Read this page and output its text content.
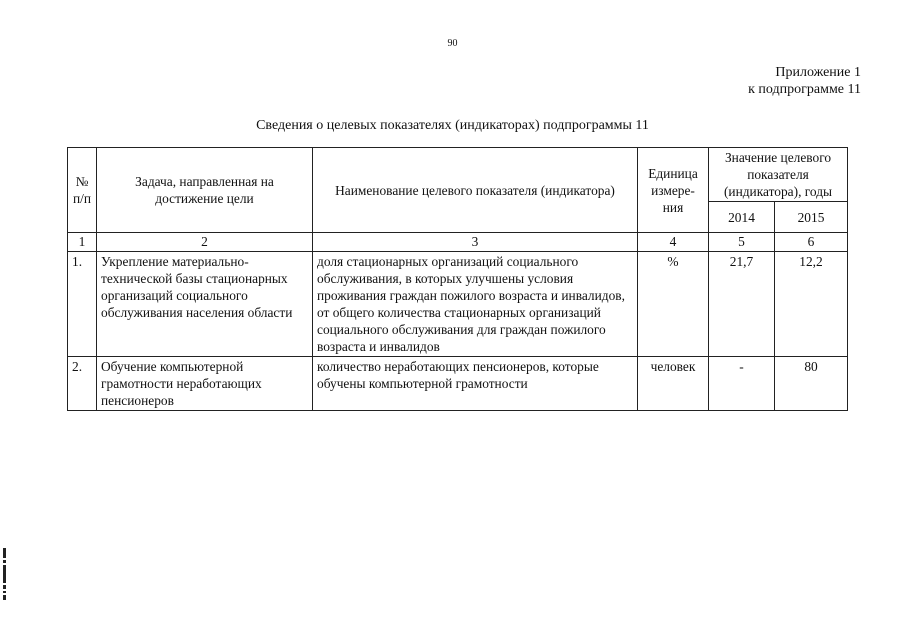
90
Приложение 1
к подпрограмме 11
Сведения о целевых показателях (индикаторах) подпрограммы 11
№ п/п	Задача, направленная на достижение цели	Наименование целевого показателя (индикатора)	Единица измере-ния	Значение целевого показателя (индикатора), годы	
				2014	2015
1	2	3	4	5	6
1.	Укрепление материально-технической базы стационарных организаций социального обслуживания населения области	доля стационарных организаций социального обслуживания, в которых улучшены условия проживания граждан пожилого возраста и инвалидов, от общего количества стационарных организаций социального обслуживания для граждан пожилого возраста и инвалидов	%	21,7	12,2
2.	Обучение компьютерной грамотности неработающих пенсионеров	количество неработающих пенсионеров, которые обучены компьютерной грамотности	человек	-	80
